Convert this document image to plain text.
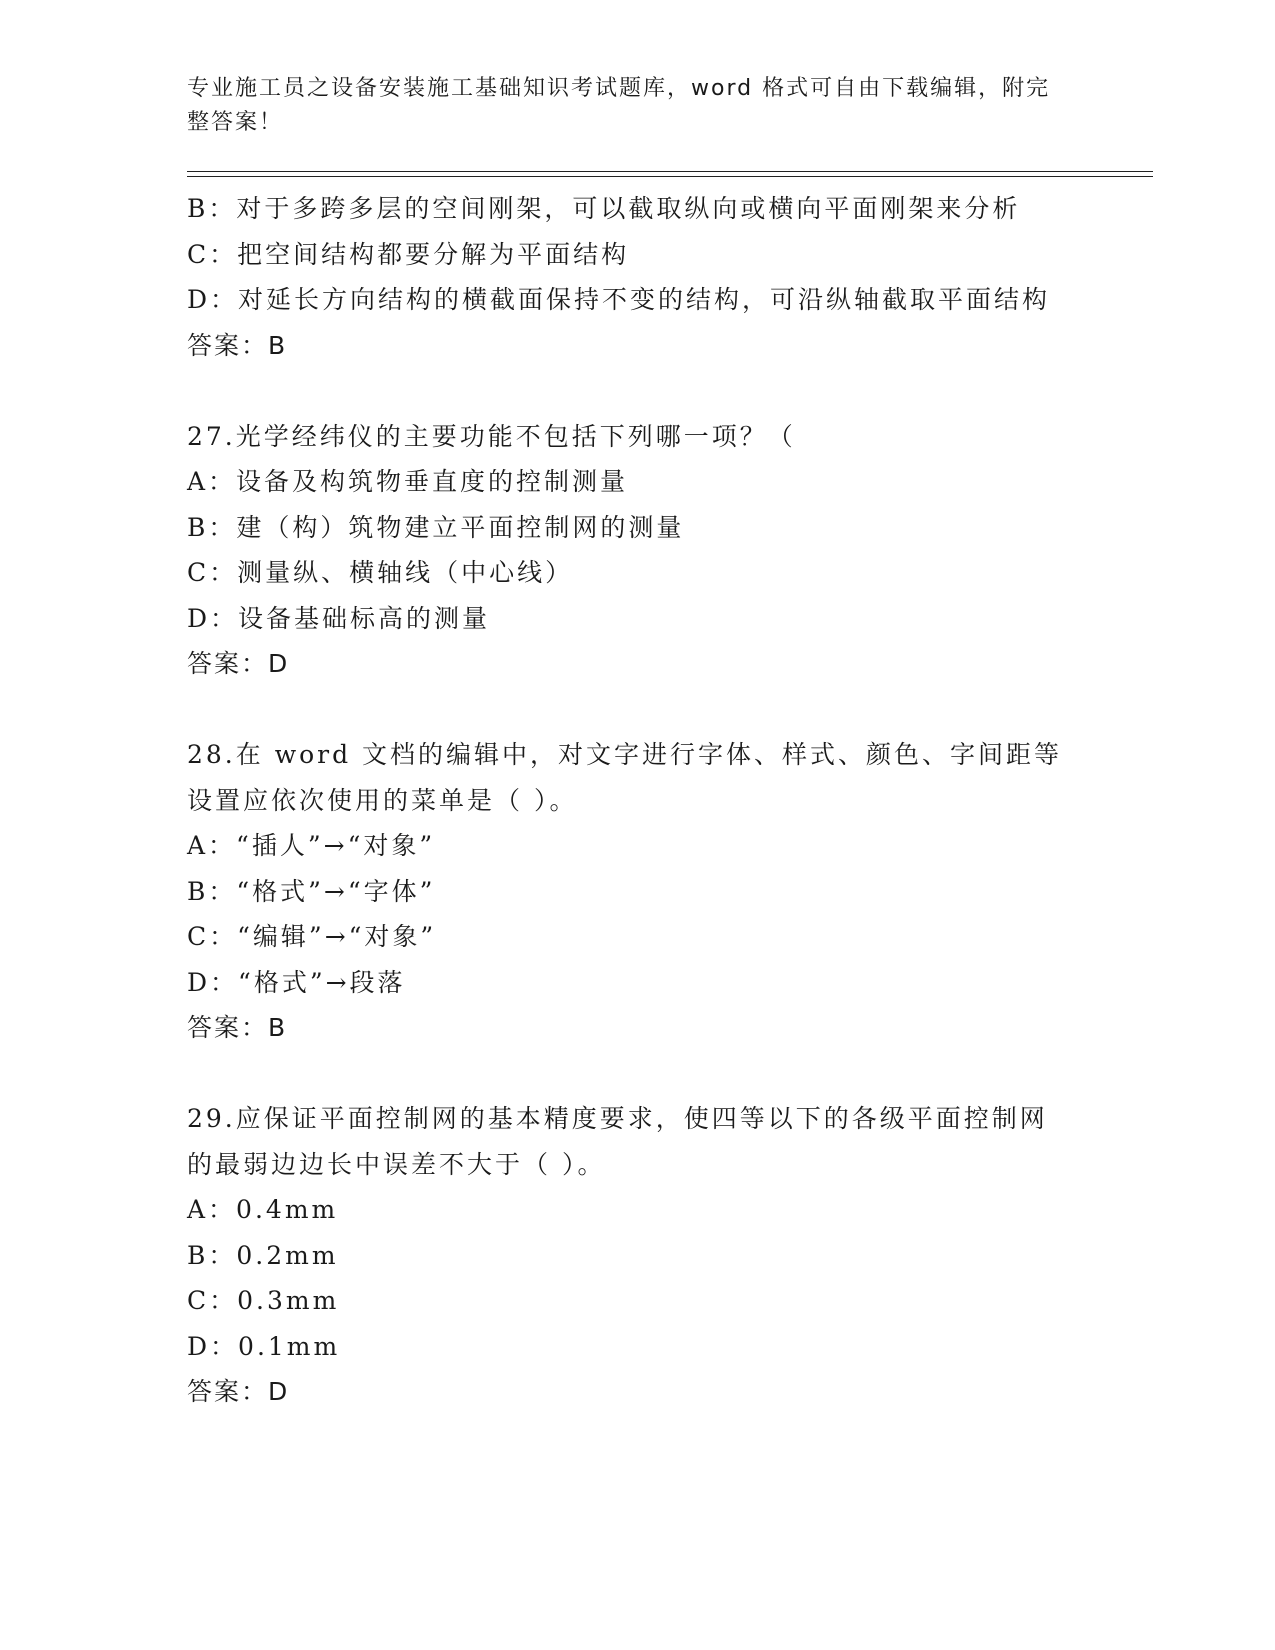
专业施工员之设备安装施工基础知识考试题库，word 格式可自由下载编辑，附完整答案！
B：对于多跨多层的空间刚架，可以截取纵向或横向平面刚架来分析
C：把空间结构都要分解为平面结构
D：对延长方向结构的横截面保持不变的结构，可沿纵轴截取平面结构
答案：B
27.光学经纬仪的主要功能不包括下列哪一项？（
A：设备及构筑物垂直度的控制测量
B：建（构）筑物建立平面控制网的测量
C：测量纵、横轴线（中心线）
D：设备基础标高的测量
答案：D
28.在 word 文档的编辑中，对文字进行字体、样式、颜色、字间距等
设置应依次使用的菜单是（ ）。
A：“插人”→“对象”
B：“格式”→“字体”
C：“编辑”→“对象”
D：“格式”→段落
答案：B
29.应保证平面控制网的基本精度要求，使四等以下的各级平面控制网
的最弱边边长中误差不大于（ ）。
A：0.4mm
B：0.2mm
C：0.3mm
D：0.1mm
答案：D
